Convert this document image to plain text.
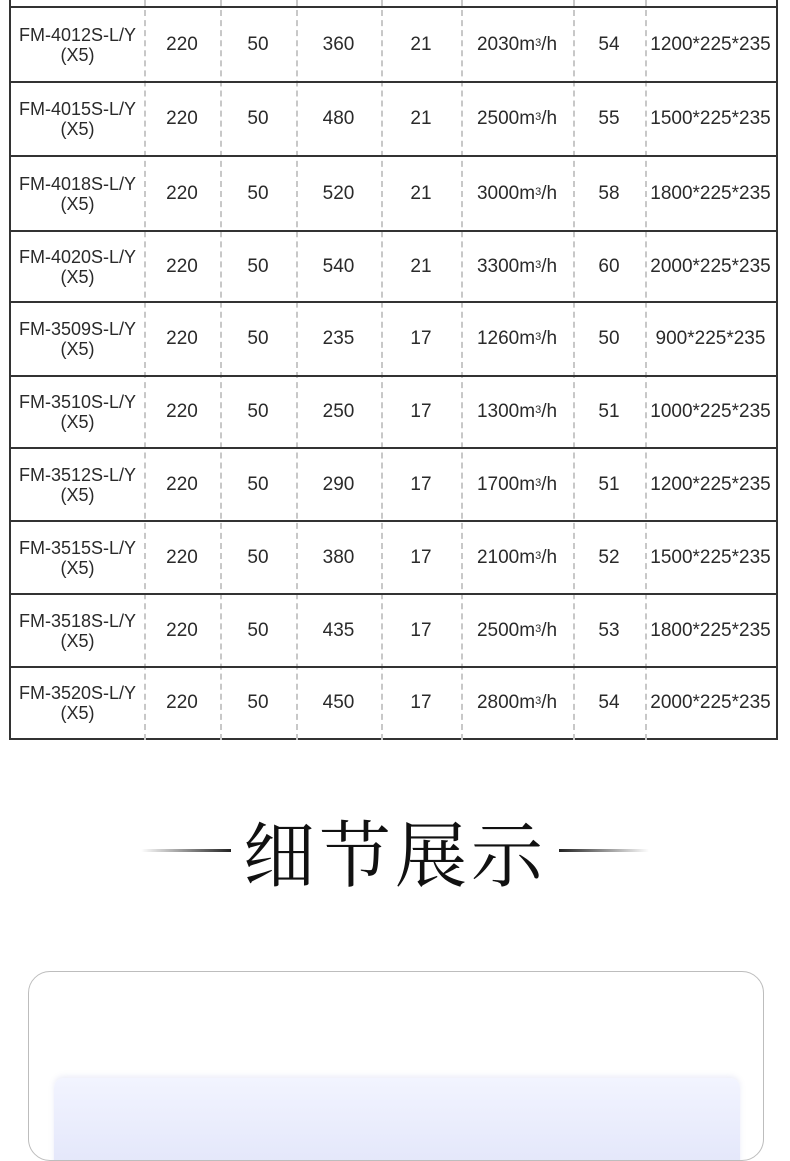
FM-4012S-L/Y
(X5)	220	50	360	21	$2030m^3$ /h	54	1200*225*235
FM-4015S-L/Y
(X5)	220	50	480	21	$2500m^3$ /h	55	1500*225*235
FM-4018S-L/Y
(X5)	220	50	520	21	$3000m^3$ /h	58	1800*225*235
FM-4020S-L/Y
(X5)	220	50	540	21	$3300m^3$ /h	60	2000*225*235
FM-3509S-L/Y
(X5)	220	50	235	17	$1260m^3$ /h	50	900*225*235
FM-3510S-L/Y
(X5)	220	50	250	17	$1300m^3$ /h	51	1000*225*235
FM-3512S-L/Y
(X5)	220	50	290	17	$1700m^3$ /h	51	1200*225*235
FM-3515S-L/Y
(X5)	220	50	380	17	$2100m^3$ /h	52	1500*225*235
FM-3518S-L/Y
(X5)	220	50	435	17	$2500m^3$ /h	53	1800*225*235
FM-3520S-L/Y
(X5)	220	50	450	17	$2800m^3$ /h	54	2000*225*235
细节展示
